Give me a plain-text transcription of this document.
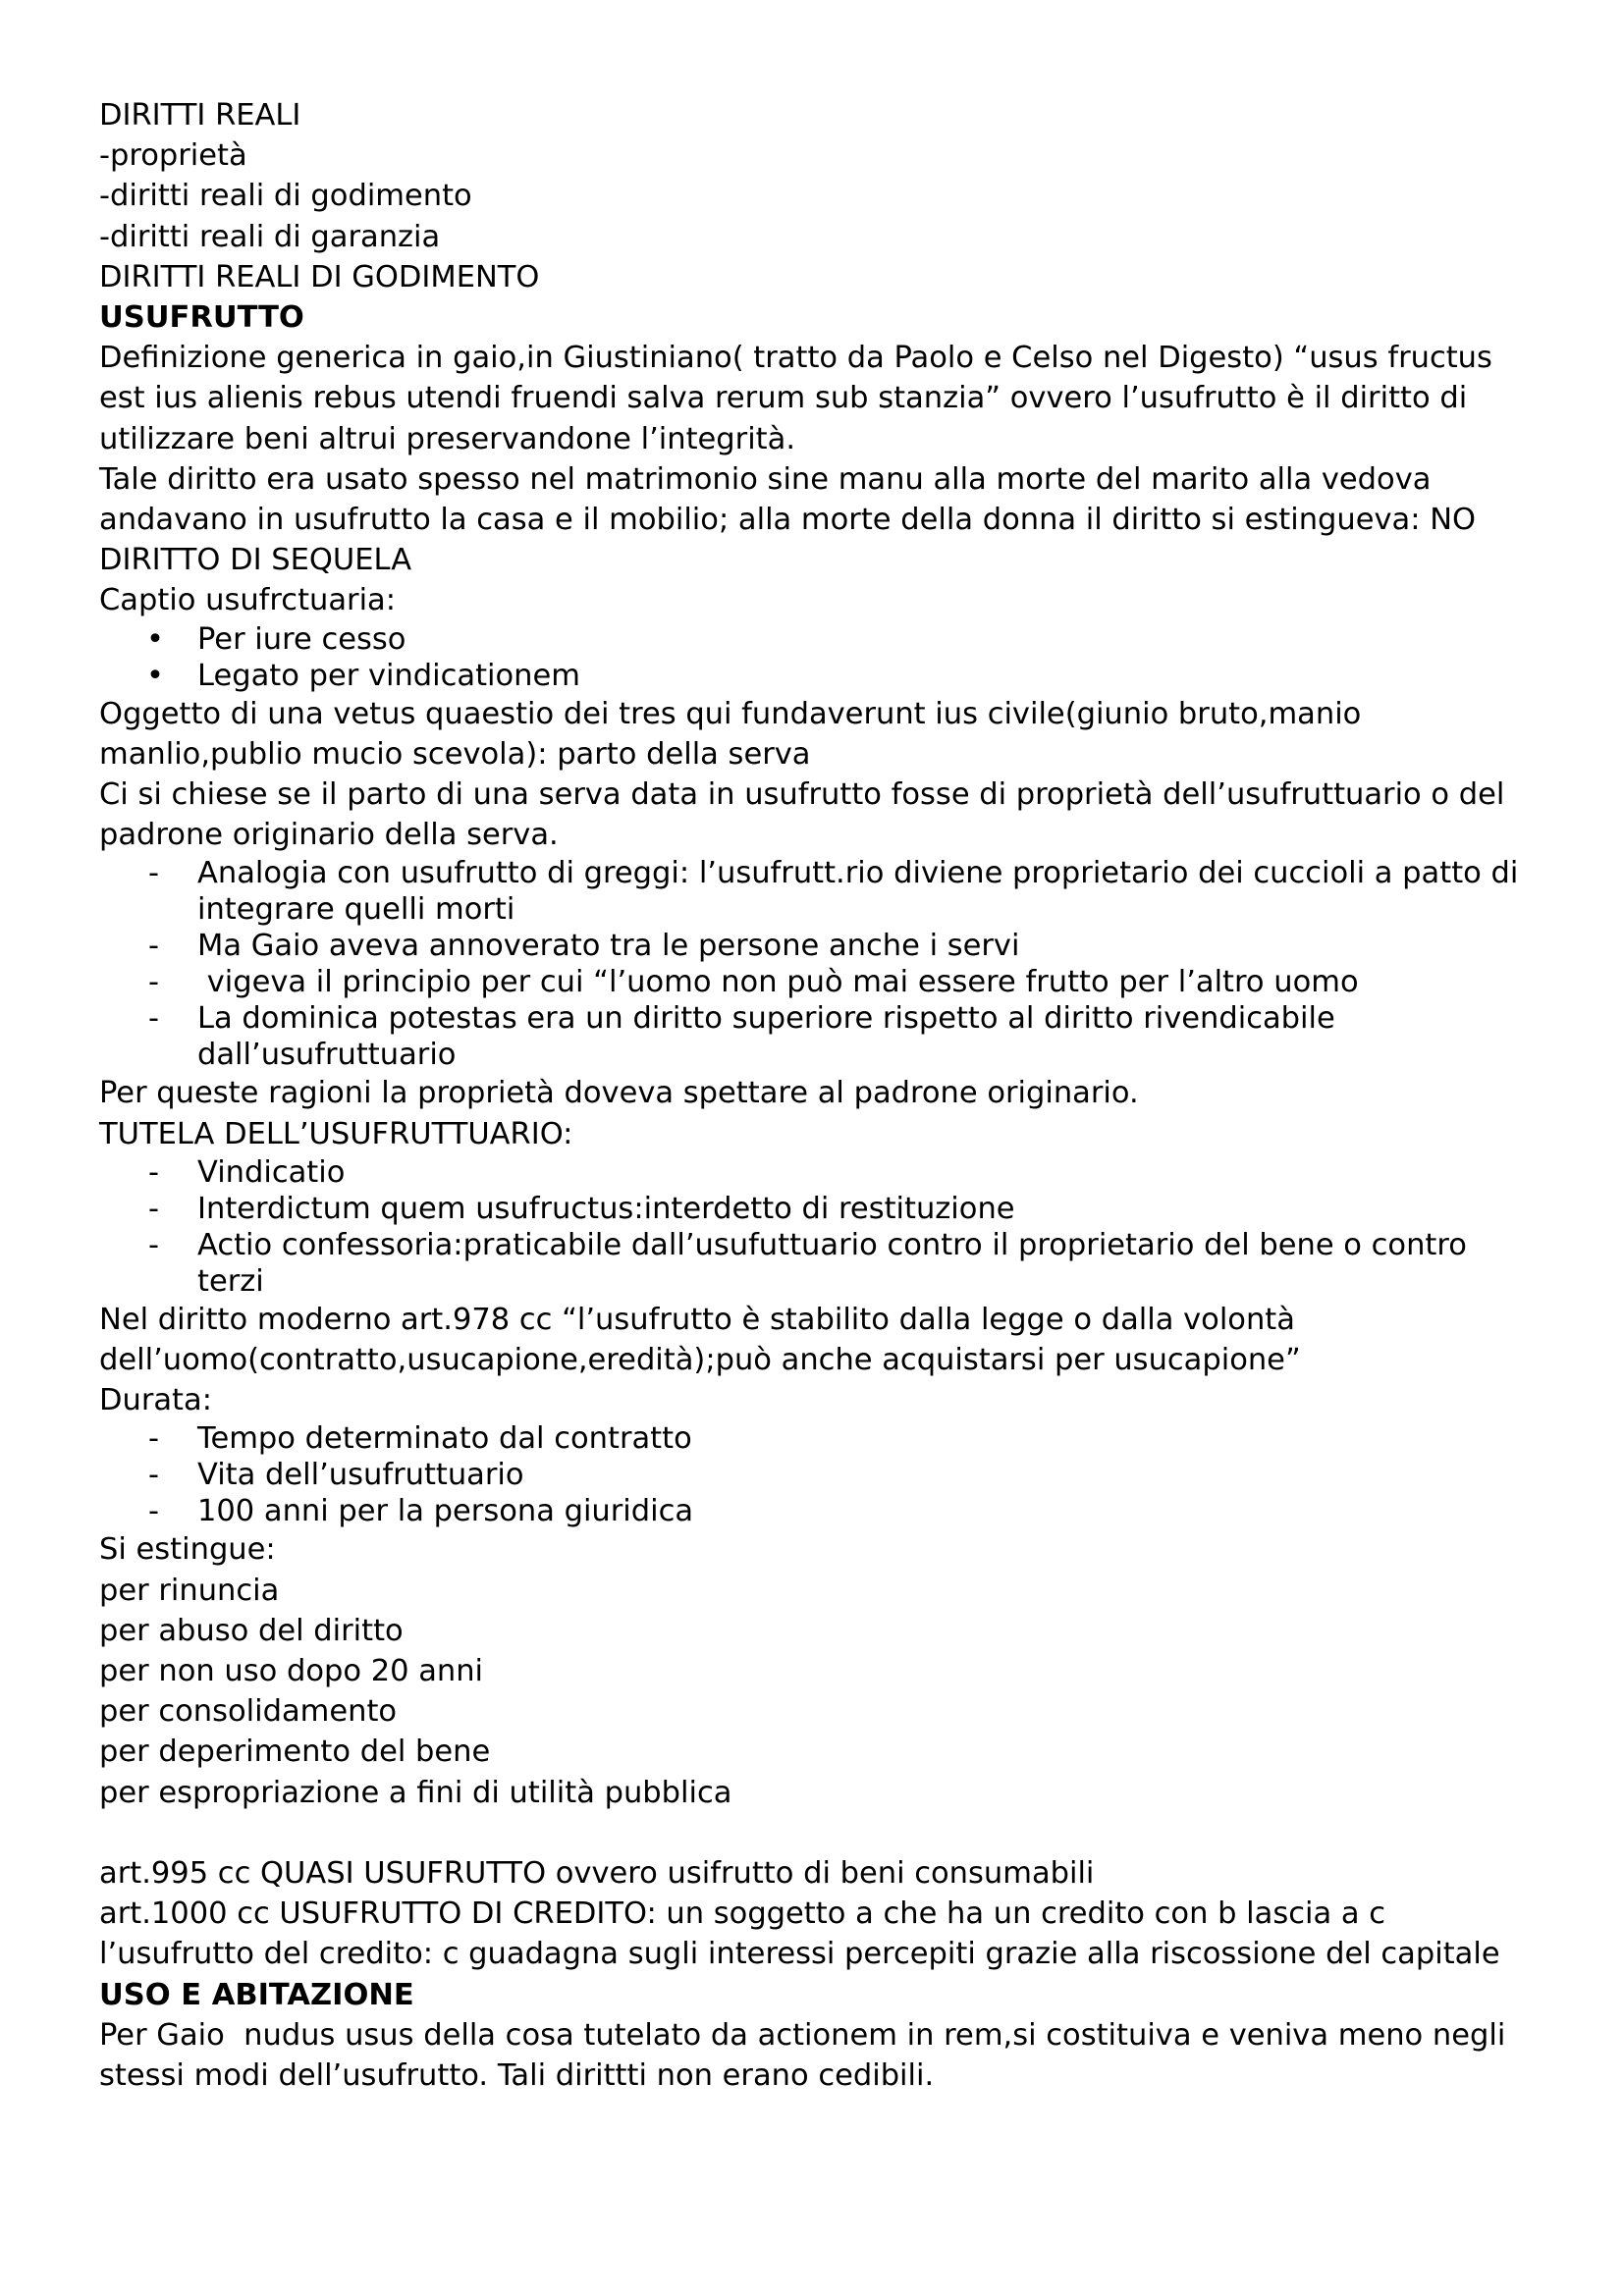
DIRITTI REALI
-proprietà
-diritti reali di godimento
-diritti reali di garanzia
DIRITTI REALI DI GODIMENTO
USUFRUTTO
Definizione generica in gaio,in Giustiniano( tratto da Paolo e Celso nel Digesto) “usus fructus
est ius alienis rebus utendi fruendi salva rerum sub stanzia” ovvero l’usufrutto è il diritto di
utilizzare beni altrui preservandone l’integrità.
Tale diritto era usato spesso nel matrimonio sine manu alla morte del marito alla vedova
andavano in usufrutto la casa e il mobilio; alla morte della donna il diritto si estingueva: NO
DIRITTO DI SEQUELA
Captio usufrctuaria:
• Per iure cesso
• Legato per vindicationem
Oggetto di una vetus quaestio dei tres qui fundaverunt ius civile(giunio bruto,manio
manlio,publio mucio scevola): parto della serva
Ci si chiese se il parto di una serva data in usufrutto fosse di proprietà dell’usufruttuario o del
padrone originario della serva.
- Analogia con usufrutto di greggi: l’usufrutt.rio diviene proprietario dei cuccioli a patto di
integrare quelli morti
- Ma Gaio aveva annoverato tra le persone anche i servi
- vigeva il principio per cui “l’uomo non può mai essere frutto per l’altro uomo
- La dominica potestas era un diritto superiore rispetto al diritto rivendicabile
dall’usufruttuario
Per queste ragioni la proprietà doveva spettare al padrone originario.
TUTELA DELL’USUFRUTTUARIO:
- Vindicatio
- Interdictum quem usufructus:interdetto di restituzione
- Actio confessoria:praticabile dall’usufuttuario contro il proprietario del bene o contro
terzi
Nel diritto moderno art.978 cc “l’usufrutto è stabilito dalla legge o dalla volontà
dell’uomo(contratto,usucapione,eredità);può anche acquistarsi per usucapione”
Durata:
- Tempo determinato dal contratto
- Vita dell’usufruttuario
- 100 anni per la persona giuridica
Si estingue:
per rinuncia
per abuso del diritto
per non uso dopo 20 anni
per consolidamento
per deperimento del bene
per espropriazione a fini di utilità pubblica
art.995 cc QUASI USUFRUTTO ovvero usifrutto di beni consumabili
art.1000 cc USUFRUTTO DI CREDITO: un soggetto a che ha un credito con b lascia a c
l’usufrutto del credito: c guadagna sugli interessi percepiti grazie alla riscossione del capitale
USO E ABITAZIONE
Per Gaio  nudus usus della cosa tutelato da actionem in rem,si costituiva e veniva meno negli
stessi modi dell’usufrutto. Tali dirittti non erano cedibili.
